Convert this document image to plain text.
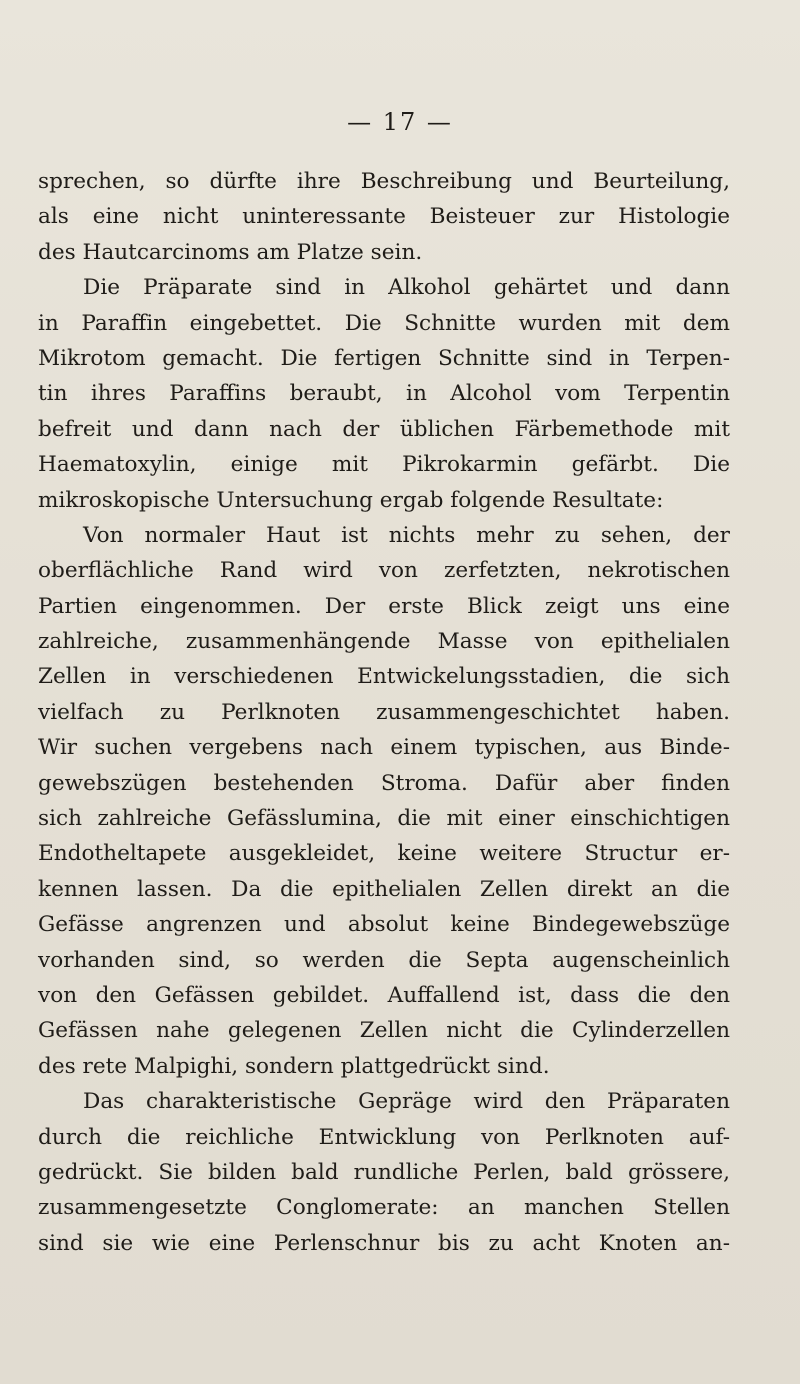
— 17 —
sprechen, so dürfte ihre Beschreibung und Beurteilung,
als eine nicht uninteressante Beisteuer zur Histologie
des Hautcarcinoms am Platze sein.
Die Präparate sind in Alkohol gehärtet und dann
in Paraffin eingebettet. Die Schnitte wurden mit dem
Mikrotom gemacht. Die fertigen Schnitte sind in Terpen-
tin ihres Paraffins beraubt, in Alcohol vom Terpentin
befreit und dann nach der üblichen Färbemethode mit
Haematoxylin, einige mit Pikrokarmin gefärbt. Die
mikroskopische Untersuchung ergab folgende Resultate:
Von normaler Haut ist nichts mehr zu sehen, der
oberflächliche Rand wird von zerfetzten, nekrotischen
Partien eingenommen. Der erste Blick zeigt uns eine
zahlreiche, zusammenhängende Masse von epithelialen
Zellen in verschiedenen Entwickelungsstadien, die sich
vielfach zu Perlknoten zusammengeschichtet haben.
Wir suchen vergebens nach einem typischen, aus Binde-
gewebszügen bestehenden Stroma. Dafür aber finden
sich zahlreiche Gefässlumina, die mit einer einschichtigen
Endotheltapete ausgekleidet, keine weitere Structur er-
kennen lassen. Da die epithelialen Zellen direkt an die
Gefässe angrenzen und absolut keine Bindegewebszüge
vorhanden sind, so werden die Septa augenscheinlich
von den Gefässen gebildet. Auffallend ist, dass die den
Gefässen nahe gelegenen Zellen nicht die Cylinderzellen
des rete Malpighi, sondern plattgedrückt sind.
Das charakteristische Gepräge wird den Präparaten
durch die reichliche Entwicklung von Perlknoten auf-
gedrückt. Sie bilden bald rundliche Perlen, bald grössere,
zusammengesetzte Conglomerate: an manchen Stellen
sind sie wie eine Perlenschnur bis zu acht Knoten an-
